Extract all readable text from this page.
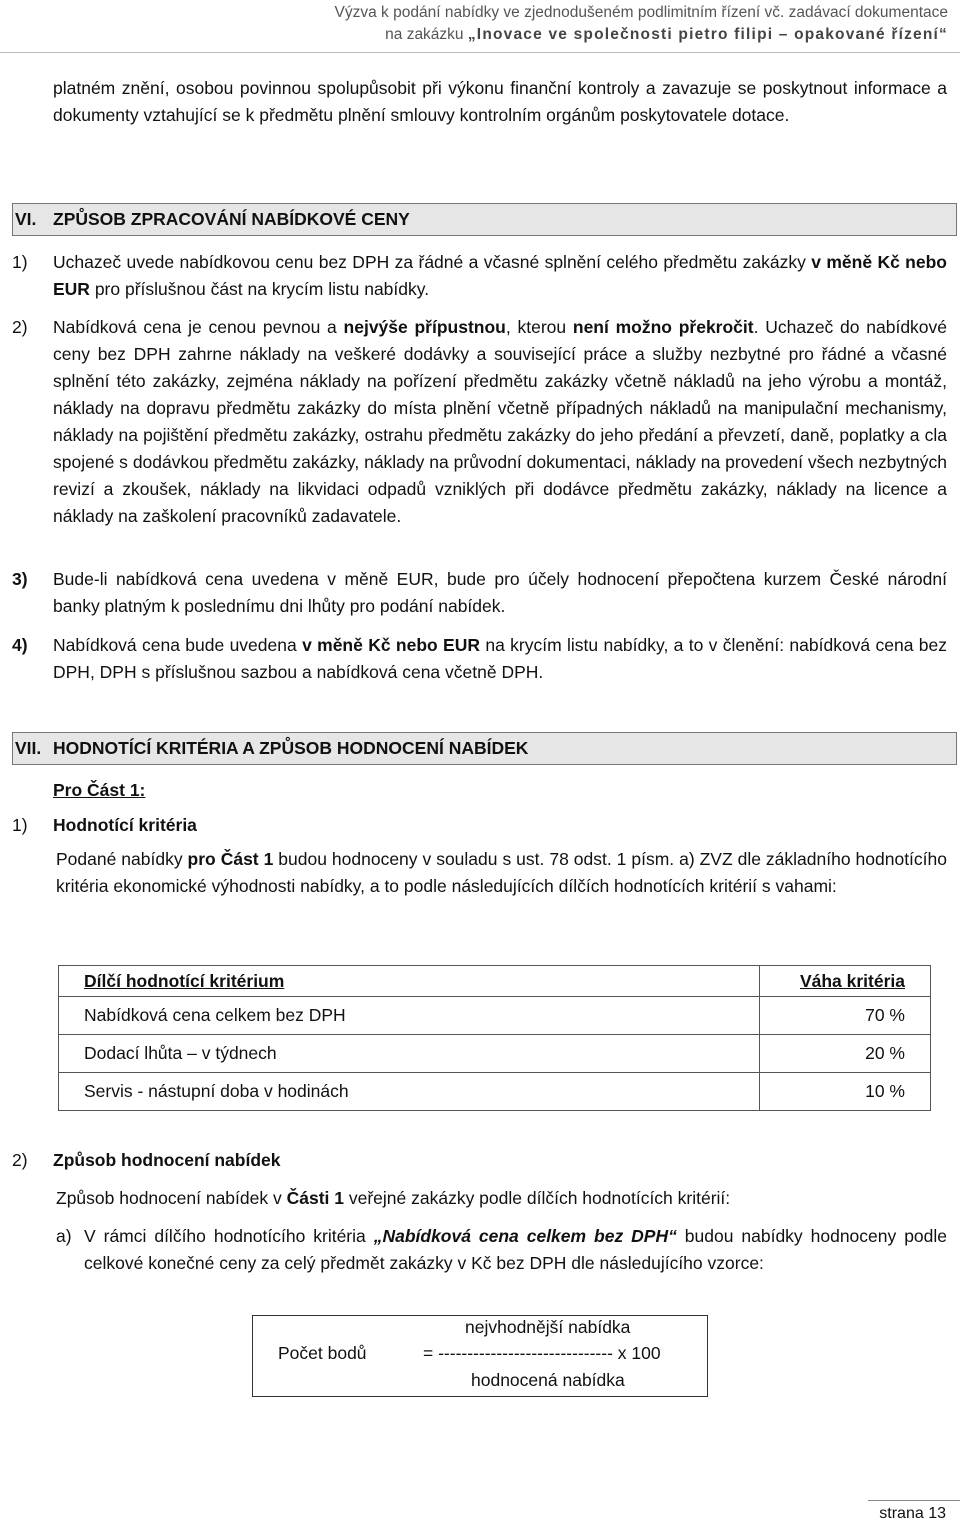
Výzva k podání nabídky ve zjednodušeném podlimitním řízení vč. zadávací dokumentace
na zakázku „Inovace ve společnosti pietro filipi – opakované řízení“
platném znění, osobou povinnou spolupůsobit při výkonu finanční kontroly a zavazuje se poskytnout informace a dokumenty vztahující se k předmětu plnění smlouvy kontrolním orgánům poskytovatele dotace.
VI. ZPŮSOB ZPRACOVÁNÍ NABÍDKOVÉ CENY
1) Uchazeč uvede nabídkovou cenu bez DPH za řádné a včasné splnění celého předmětu zakázky v měně Kč nebo EUR pro příslušnou část na krycím listu nabídky.
2) Nabídková cena je cenou pevnou a nejvýše přípustnou, kterou není možno překročit. Uchazeč do nabídkové ceny bez DPH zahrne náklady na veškeré dodávky a související práce a služby nezbytné pro řádné a včasné splnění této zakázky, zejména náklady na pořízení předmětu zakázky včetně nákladů na jeho výrobu a montáž, náklady na dopravu předmětu zakázky do místa plnění včetně případných nákladů na manipulační mechanismy, náklady na pojištění předmětu zakázky, ostrahu předmětu zakázky do jeho předání a převzetí, daně, poplatky a cla spojené s dodávkou předmětu zakázky, náklady na průvodní dokumentaci, náklady na provedení všech nezbytných revizí a zkoušek, náklady na likvidaci odpadů vzniklých při dodávce předmětu zakázky, náklady na licence a náklady na zaškolení pracovníků zadavatele.
3) Bude-li nabídková cena uvedena v měně EUR, bude pro účely hodnocení přepočtena kurzem České národní banky platným k poslednímu dni lhůty pro podání nabídek.
4) Nabídková cena bude uvedena v měně Kč nebo EUR na krycím listu nabídky, a to v členění: nabídková cena bez DPH, DPH s příslušnou sazbou a nabídková cena včetně DPH.
VII. HODNOTÍCÍ KRITÉRIA A ZPŮSOB HODNOCENÍ NABÍDEK
Pro Část 1:
1) Hodnotící kritéria
Podané nabídky pro Část 1 budou hodnoceny v souladu s ust. 78 odst. 1 písm. a) ZVZ dle základního hodnotícího kritéria ekonomické výhodnosti nabídky, a to podle následujících dílčích hodnotících kritérií s vahami:
Dílčí hodnotící kritérium	Váha kritéria
Nabídková cena celkem bez DPH	70 %
Dodací lhůta – v týdnech	20 %
Servis - nástupní doba v hodinách	10 %
2) Způsob hodnocení nabídek
Způsob hodnocení nabídek v Části 1 veřejné zakázky podle dílčích hodnotících kritérií:
a) V rámci dílčího hodnotícího kritéria „Nabídková cena celkem bez DPH“ budou nabídky hodnoceny podle celkové konečné ceny za celý předmět zakázky v Kč bez DPH dle následujícího vzorce:
Počet bodů
nejvhodnější nabídka
= ------------------------------ x 100
hodnocená nabídka
strana 13
